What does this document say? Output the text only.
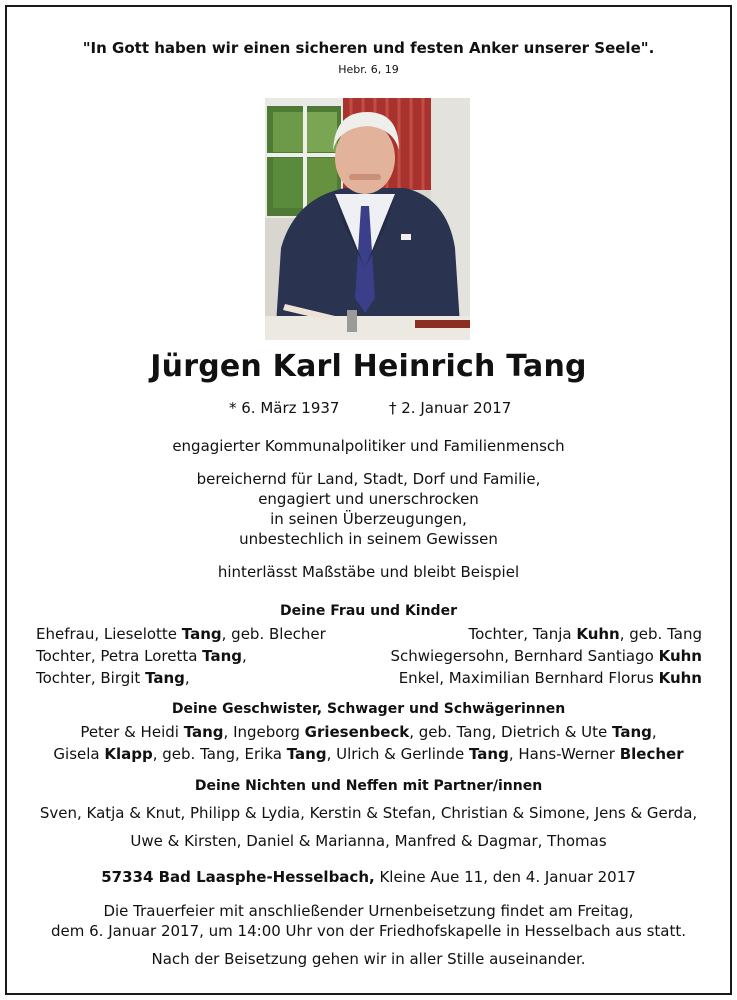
"In Gott haben wir einen sicheren und festen Anker unserer Seele".
Hebr. 6, 19
Jürgen Karl Heinrich Tang
* 6. März 1937	† 2. Januar 2017
engagierter Kommunalpolitiker und Familienmensch
bereichernd für Land, Stadt, Dorf und Familie,
engagiert und unerschrocken
in seinen Überzeugungen,
unbestechlich in seinem Gewissen
hinterlässt Maßstäbe und bleibt Beispiel
Deine Frau und Kinder
Ehefrau, Lieselotte Tang, geb. Blecher	Tochter, Tanja Kuhn, geb. Tang
Tochter, Petra Loretta Tang,	Schwiegersohn, Bernhard Santiago Kuhn
Tochter, Birgit Tang,	Enkel, Maximilian Bernhard Florus Kuhn
Deine Geschwister, Schwager und Schwägerinnen
Peter & Heidi Tang, Ingeborg Griesenbeck, geb. Tang, Dietrich & Ute Tang,
Gisela Klapp, geb. Tang, Erika Tang, Ulrich & Gerlinde Tang, Hans-Werner Blecher
Deine Nichten und Neffen mit Partner/innen
Sven, Katja & Knut, Philipp & Lydia, Kerstin & Stefan, Christian & Simone, Jens & Gerda,
Uwe & Kirsten, Daniel & Marianna, Manfred & Dagmar, Thomas
57334 Bad Laasphe-Hesselbach, Kleine Aue 11, den 4. Januar 2017
Die Trauerfeier mit anschließender Urnenbeisetzung findet am Freitag,
dem 6. Januar 2017, um 14:00 Uhr von der Friedhofskapelle in Hesselbach aus statt.
Nach der Beisetzung gehen wir in aller Stille auseinander.
